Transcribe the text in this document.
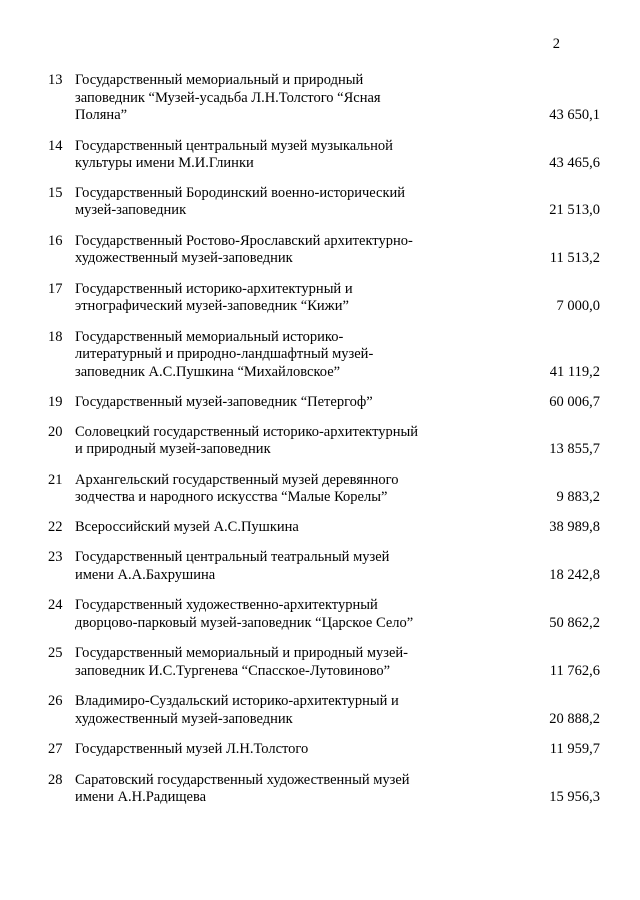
2
13 Государственный мемориальный и природный
заповедник “Музей-усадьба Л.Н.Толстого “Ясная
Поляна”	43 650,1
14 Государственный центральный музей музыкальной
культуры имени М.И.Глинки	43 465,6
15 Государственный Бородинский военно-исторический
музей-заповедник	21 513,0
16 Государственный Ростово-Ярославский архитектурно-
художественный музей-заповедник	11 513,2
17 Государственный историко-архитектурный и
этнографический музей-заповедник “Кижи”	7 000,0
18 Государственный мемориальный историко-
литературный и природно-ландшафтный музей-
заповедник А.С.Пушкина “Михайловское”	41 119,2
19 Государственный музей-заповедник “Петергоф”	60 006,7
20 Соловецкий государственный историко-архитектурный
и природный музей-заповедник	13 855,7
21 Архангельский государственный музей деревянного
зодчества и народного искусства “Малые Корелы”	9 883,2
22 Всероссийский музей А.С.Пушкина	38 989,8
23 Государственный центральный театральный музей
имени А.А.Бахрушина	18 242,8
24 Государственный художественно-архитектурный
дворцово-парковый музей-заповедник “Царское Село”	50 862,2
25 Государственный мемориальный и природный музей-
заповедник И.С.Тургенева “Спасское-Лутовиново”	11 762,6
26 Владимиро-Суздальский историко-архитектурный и
художественный музей-заповедник	20 888,2
27 Государственный музей Л.Н.Толстого	11 959,7
28 Саратовский государственный художественный музей
имени А.Н.Радищева	15 956,3
